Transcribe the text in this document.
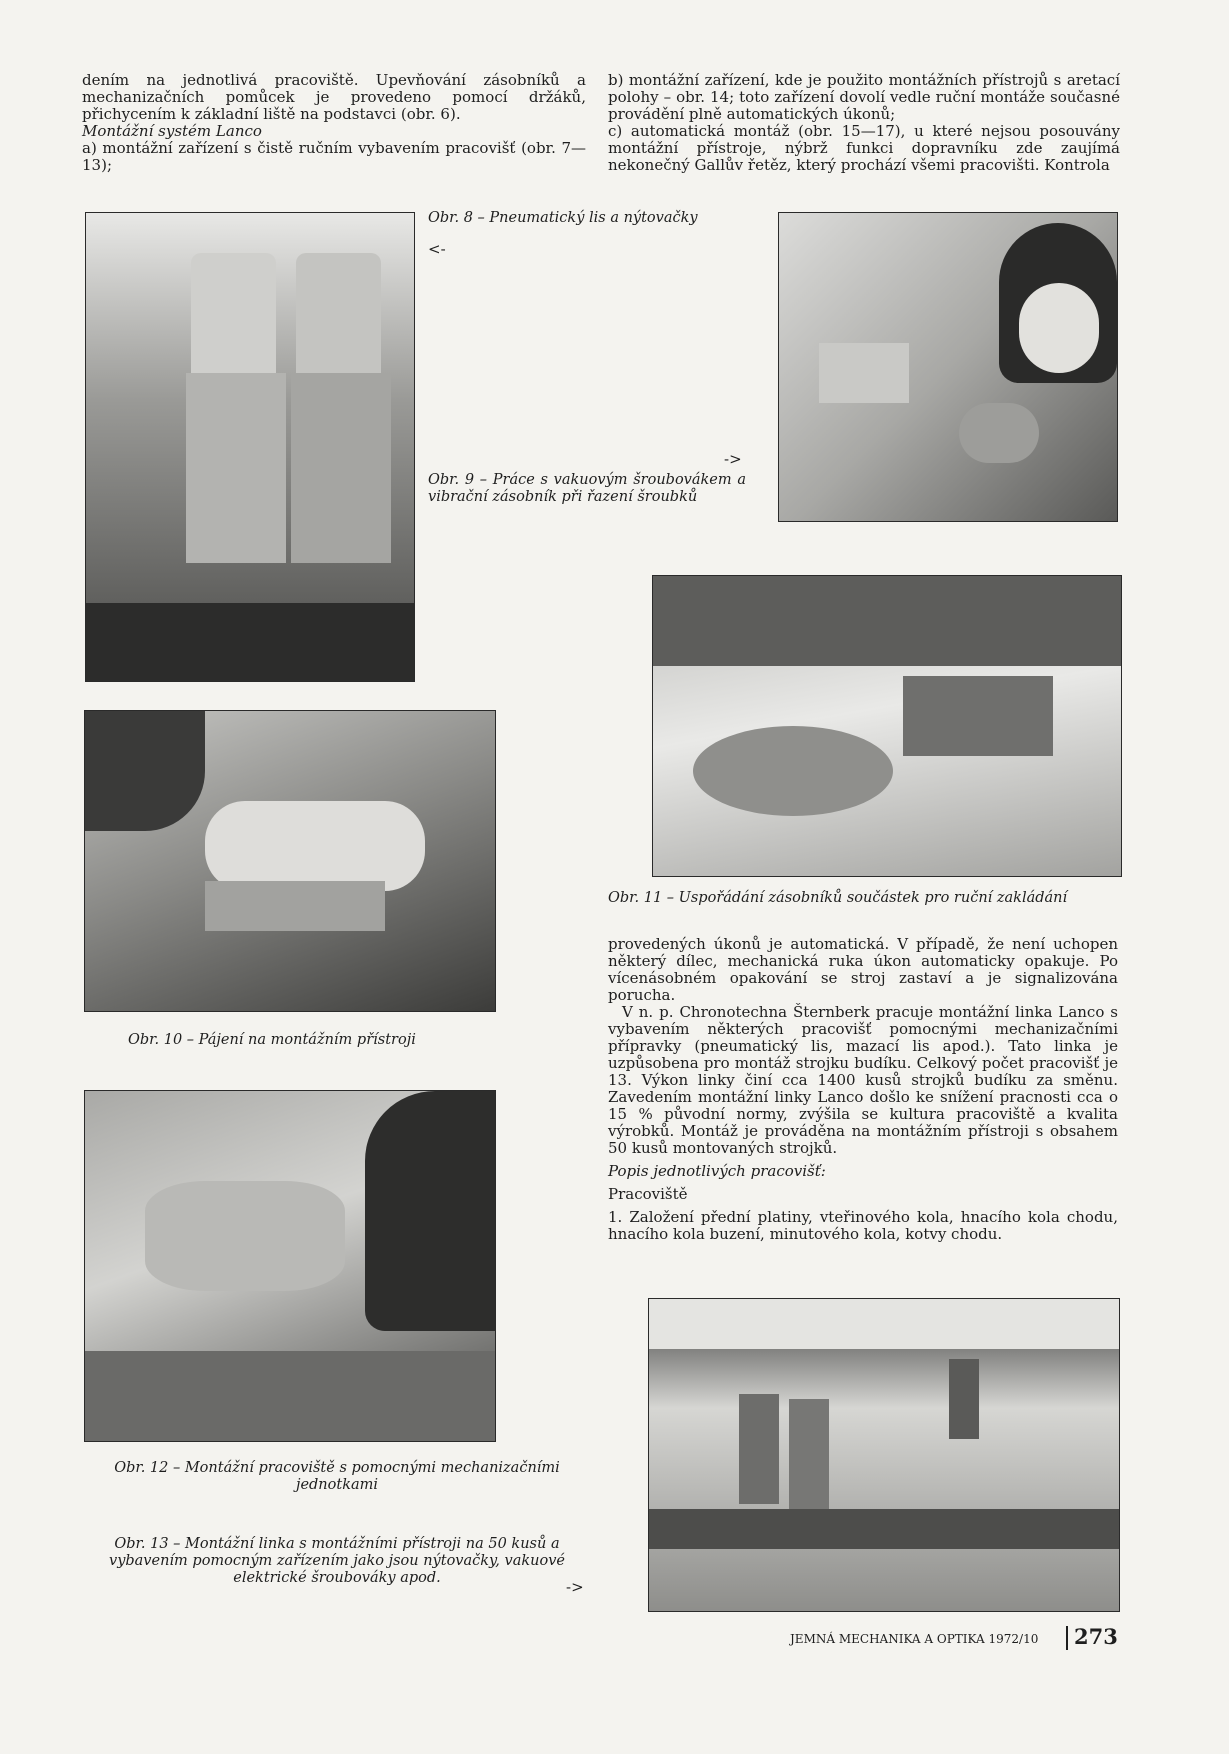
dením na jednotlivá pracoviště. Upevňování zásobníků a mechanizačních pomůcek je provedeno pomocí držáků, přichycením k základní liště na podstavci (obr. 6).

Montážní systém Lanco

a) montážní zařízení s čistě ručním vybavením pracovišť (obr. 7—13);

b) montážní zařízení, kde je použito montážních přístrojů s aretací polohy – obr. 14; toto zařízení dovolí vedle ruční montáže současné provádění plně automatických úkonů;

c) automatická montáž (obr. 15—17), u které nejsou posouvány montážní přístroje, nýbrž funkci dopravníku zde zaujímá nekonečný Gallův řetěz, který prochází všemi pracovišti. Kontrola

Obr. 8 – Pneumatický lis a nýtovačky
<-
->
Obr. 9 – Práce s vakuovým šroubovákem a vibrační zásobník při řazení šroubků
Obr. 11 – Uspořádání zásobníků součástek pro ruční zakládání
Obr. 10 – Pájení na montážním přístroji

provedených úkonů je automatická. V případě, že není uchopen některý dílec, mechanická ruka úkon automaticky opakuje. Po vícenásobném opakování se stroj zastaví a je signalizována porucha.

V n. p. Chronotechna Šternberk pracuje montážní linka Lanco s vybavením některých pracovišť pomocnými mechanizačními přípravky (pneumatický lis, mazací lis apod.). Tato linka je uzpůsobena pro montáž strojku budíku. Celkový počet pracovišť je 13. Výkon linky činí cca 1400 kusů strojků budíku za směnu. Zavedením montážní linky Lanco došlo ke snížení pracnosti cca o 15 % původní normy, zvýšila se kultura pracoviště a kvalita výrobků. Montáž je prováděna na montážním přístroji s obsahem 50 kusů montovaných strojků.

Popis jednotlivých pracovišť:

Pracoviště

1. Založení přední platiny, vteřinového kola, hnacího kola chodu, hnacího kola buzení, minutového kola, kotvy chodu.

Obr. 12 – Montážní pracoviště s pomocnými mechanizačními jednotkami
Obr. 13 – Montážní linka s montážními přístroji na 50 kusů a vybavením pomocným zařízením jako jsou nýtovačky, vakuové elektrické šroubováky apod.	->
JEMNÁ MECHANIKA A OPTIKA 1972/10 273
